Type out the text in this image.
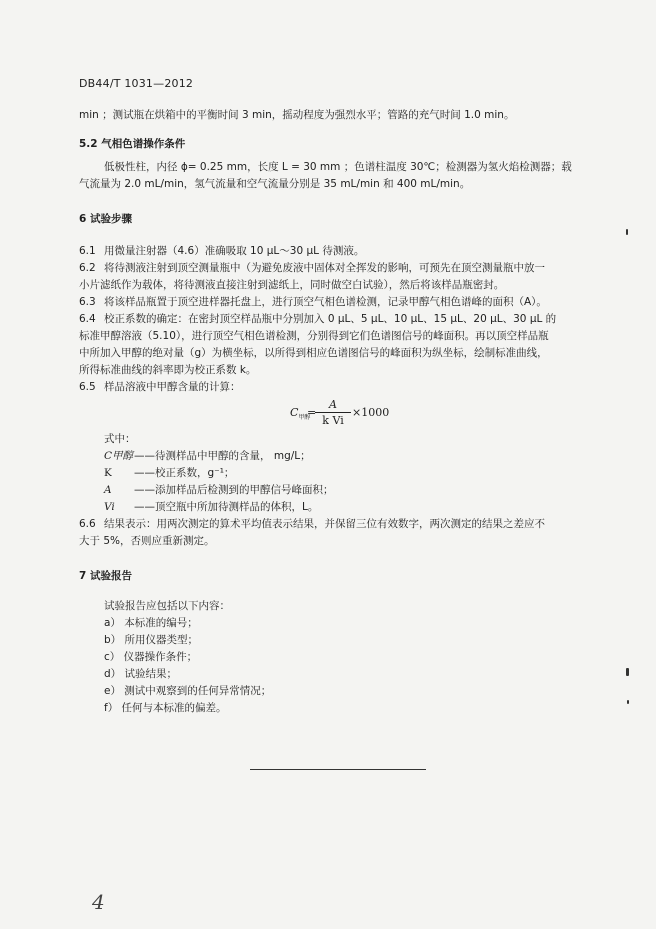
DB44/T 1031—2012
min ；测试瓶在烘箱中的平衡时间 3 min，摇动程度为强烈水平；管路的充气时间 1.0 min。
5.2 气相色谱操作条件
低极性柱，内径 ϕ= 0.25 mm，长度 L = 30 mm ；色谱柱温度 30℃；检测器为氢火焰检测器；载
气流量为 2.0 mL/min，氢气流量和空气流量分别是 35 mL/min 和 400 mL/min。
6 试验步骤
6.1 用微量注射器（4.6）准确吸取 10 μL～30 μL 待测液。
6.2 将待测液注射到顶空测量瓶中（为避免废液中固体对全挥发的影响，可预先在顶空测量瓶中放一
小片滤纸作为载体，将待测液直接注射到滤纸上，同时做空白试验），然后将该样品瓶密封。
6.3 将该样品瓶置于顶空进样器托盘上，进行顶空气相色谱检测，记录甲醇气相色谱峰的面积（A）。
6.4 校正系数的确定：在密封顶空样品瓶中分别加入 0 μL、5 μL、10 μL、15 μL、20 μL、30 μL 的
标准甲醇溶液（5.10），进行顶空气相色谱检测，分别得到它们色谱图信号的峰面积。再以顶空样品瓶
中所加入甲醇的绝对量（g）为横坐标，以所得到相应色谱图信号的峰面积为纵坐标，绘制标准曲线，
所得标准曲线的斜率即为校正系数 k。
6.5 样品溶液中甲醇含量的计算：
$C_{甲醇}$
=
A
k Vi
×1000
式中：
C甲醇——待测样品中甲醇的含量， mg/L；
K ——校正系数，g⁻¹；
A ——添加样品后检测到的甲醇信号峰面积；
Vi ——顶空瓶中所加待测样品的体积，L。
6.6 结果表示：用两次测定的算术平均值表示结果，并保留三位有效数字，两次测定的结果之差应不
大于 5%，否则应重新测定。
7 试验报告
试验报告应包括以下内容：
a） 本标准的编号；
b） 所用仪器类型；
c） 仪器操作条件；
d） 试验结果；
e） 测试中观察到的任何异常情况；
f） 任何与本标准的偏差。
4
